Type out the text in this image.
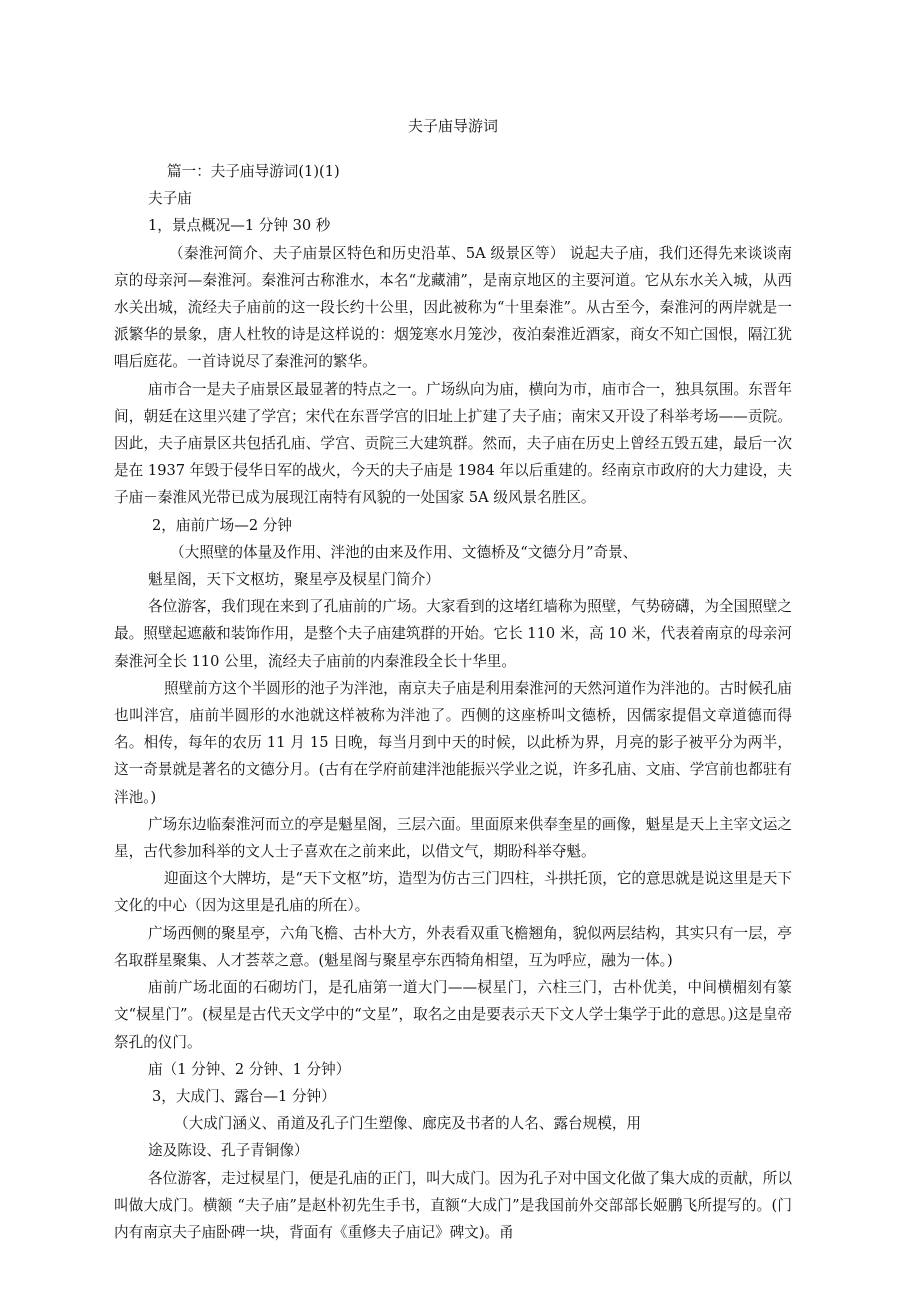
夫子庙导游词

篇一：夫子庙导游词(1)(1)

夫子庙

1，景点概况—1 分钟 30 秒

（秦淮河简介、夫子庙景区特色和历史沿革、5A 级景区等） 说起夫子庙，我们还得先来谈谈南京的母亲河—秦淮河。秦淮河古称淮水，本名“龙藏浦”，是南京地区的主要河道。它从东水关入城，从西水关出城，流经夫子庙前的这一段长约十公里，因此被称为“十里秦淮”。从古至今，秦淮河的两岸就是一派繁华的景象，唐人杜牧的诗是这样说的：烟笼寒水月笼沙，夜泊秦淮近酒家，商女不知亡国恨，隔江犹唱后庭花。一首诗说尽了秦淮河的繁华。

庙市合一是夫子庙景区最显著的特点之一。广场纵向为庙，横向为市，庙市合一，独具氛围。东晋年间，朝廷在这里兴建了学宫；宋代在东晋学宫的旧址上扩建了夫子庙；南宋又开设了科举考场——贡院。因此，夫子庙景区共包括孔庙、学宫、贡院三大建筑群。然而，夫子庙在历史上曾经五毁五建，最后一次是在 1937 年毁于侵华日军的战火，今天的夫子庙是 1984 年以后重建的。经南京市政府的大力建设，夫子庙－秦淮风光带已成为展现江南特有风貌的一处国家 5A 级风景名胜区。

2，庙前广场—2 分钟

（大照壁的体量及作用、泮池的由来及作用、文德桥及“文德分月”奇景、

魁星阁，天下文枢坊，聚星亭及棂星门简介）

各位游客，我们现在来到了孔庙前的广场。大家看到的这堵红墙称为照壁，气势磅礴，为全国照壁之最。照壁起遮蔽和装饰作用，是整个夫子庙建筑群的开始。它长 110 米，高 10 米，代表着南京的母亲河秦淮河全长 110 公里，流经夫子庙前的内秦淮段全长十华里。

照壁前方这个半圆形的池子为泮池，南京夫子庙是利用秦淮河的天然河道作为泮池的。古时候孔庙也叫泮宫，庙前半圆形的水池就这样被称为泮池了。西侧的这座桥叫文德桥，因儒家提倡文章道德而得名。相传，每年的农历 11 月 15 日晚，每当月到中天的时候，以此桥为界，月亮的影子被平分为两半，这一奇景就是著名的文德分月。(古有在学府前建泮池能振兴学业之说，许多孔庙、文庙、学宫前也都驻有泮池。)

广场东边临秦淮河而立的亭是魁星阁，三层六面。里面原来供奉奎星的画像，魁星是天上主宰文运之星，古代参加科举的文人士子喜欢在之前来此，以借文气，期盼科举夺魁。

迎面这个大牌坊，是“天下文枢”坊，造型为仿古三门四柱，斗拱托顶，它的意思就是说这里是天下文化的中心（因为这里是孔庙的所在）。

广场西侧的聚星亭，六角飞檐、古朴大方，外表看双重飞檐翘角，貌似两层结构，其实只有一层，亭名取群星聚集、人才荟萃之意。(魁星阁与聚星亭东西犄角相望，互为呼应，融为一体。)

庙前广场北面的石砌坊门，是孔庙第一道大门——棂星门，六柱三门，古朴优美，中间横楣刻有篆文“棂星门”。(棂星是古代天文学中的“文星”，取名之由是要表示天下文人学士集学于此的意思。)这是皇帝祭孔的仪门。

庙（1 分钟、2 分钟、1 分钟）

3，大成门、露台—1 分钟）

（大成门涵义、甬道及孔子门生塑像、廊庑及书者的人名、露台规模，用

途及陈设、孔子青铜像）

各位游客，走过棂星门，便是孔庙的正门，叫大成门。因为孔子对中国文化做了集大成的贡献，所以叫做大成门。横额 “夫子庙”是赵朴初先生手书，直额“大成门”是我国前外交部部长姬鹏飞所提写的。(门内有南京夫子庙卧碑一块，背面有《重修夫子庙记》碑文)。甬
